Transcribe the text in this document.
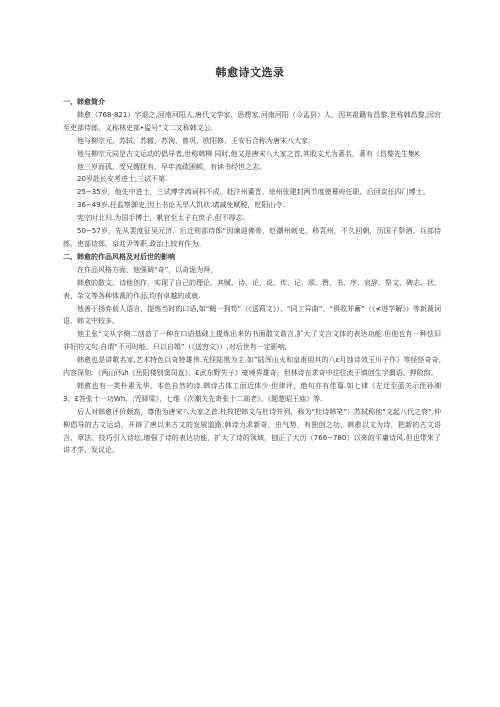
韩愈诗文选录

一、韩愈简介

韩愈（768-821）字退之,河南河阳人,唐代文学家、思想家.河南河阳（今孟县）人，因其祖籍布昌黎.世称韩昌黎,因官至吏部侍郎，义称林史部•谥号“文二又称韩文公.

他与柳宗元、苏轼、苏辙、苏洵、曾巩、欧阳修、王安石合称为唐宋八大家.

他与柳宗元同是古文运动的倡导者,世称韩柳 同时,他又是唐宋八大家之首,其股文尤为著名，著有《昌黎先生集K

他三岁而孤，受兄嫂抚有，早年流疏困顿，有读书经世之志。

20岁赴长安考进士,三试不第.

25−35岁，他先中进士，三试博学鸿词科不成，赴汴州董晋、徐州张建封两节度使幕府任职。后回京任四门博士。

36−49岁.任监察御史,因上书论天旱人饥状.请减免赋税，贬阳山令.

宪宗时北归.为国手博士，累官至太子右庶子.但不得志.

50−57岁，先从裴度征吴元济，后迁刑部侍郎“因谏迎佛骨，贬潮州刺史。移袁州，不久回朝，历国子祭酒、兵部侍郎、吏部侍郎、京兆尹等职.政治上较有作为。

二、韩愈的作品风格及对后世的影响

在作品风格方面，他强调“奇”，以奇诡为拜，

韩愈的散文、诗他创作，实现了自己的理论。其赋、诗、论、说、传、记、颂、赞、书、序、哀辞、祭文、碑志、状、表、杂文等各种体裁的作品,均有卓越的成就.

他善于扬弃前人语言，提炼当时的口语,如“蝇一狗苟”（《送莉文》）、“同工异曲”、“俱收并蓄”（《≮进学解》）等新裁词语，韩文中较多。

他主张“文从字侧二创造了一种在口语基础上提炼出来的书面散文谐言,扩大了文言文体的表达功能.但他也有一种怯旧非好的文句.自谓“不可时能，只以自娟”（《送穷文》）,对后世有一定影响,

韩愈也是讲歌名家,艺术特色以奇特雄伟.光怪陆黑为主.如”陆浑山火和皇甫用其的八ε月蚀诗效玉川子作》等怪怪奇奇,内容深刻：《两山ï¾h《岳阳楼别窦司直》、£武东野失子》豪境界雄奇，但林诗在求奇中往往流于填创生字偶语、押险韵。

韩愈也有一类朴素无华、本色自然的诗.韩诗古体工而近体少·但律评、绝句亦有佳篇.如七律《左迁至蓝关示侄孙湘3、£答张十一功Wh、:咒驿梁》，七维《次潮关先寄张十二阁老》、《题楚昭王庙》等.

后人对韩愈评价颇高，尊他为唐宋八大家之首.杜牧把韩文与杜诗并列，称为“杜诗韩笔”：苏轼称他“文起八代之衰”.仲柳倡导的古文运动，开辟了唐以来古文的发展道路,韩诗力求新奇，虫气势，有独创之功，韩愈以文为诗，把新的古文语言、章法、技巧引入诗坛,增强了诗的表达功能，扩大了诗的领域，刨正了大历（766−780）以来的平庸诗风.但也带来了讲才学、发议论、
